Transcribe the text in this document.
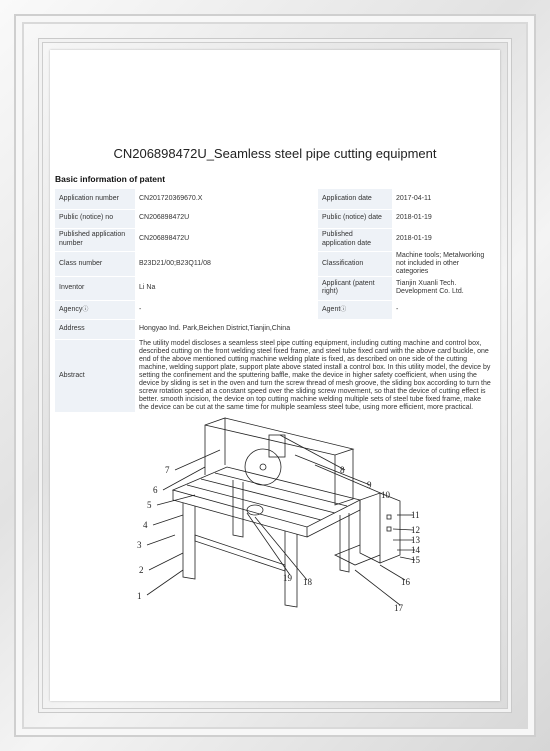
CN206898472U_Seamless steel pipe cutting equipment
Basic information of patent
Application number	CN201720369670.X	Application date	2017-04-11
Public (notice) no	CN206898472U	Public (notice) date	2018-01-19
Published application number	CN206898472U	Published application date	2018-01-19
Class number	B23D21/00;B23Q11/08	Classification	Machine tools; Metalworking not included in other categories
Inventor	Li Na	Applicant (patent right)	Tianjin Xuanli Tech. Development Co. Ltd.
Agencyⓘ	-	Agentⓘ	-
Address	Hongyao Ind. Park,Beichen District,Tianjin,China		
Abstract	The utility model discloses a seamless steel pipe cutting equipment, including cutting machine and control box, described cutting on the front welding steel fixed frame, and steel tube fixed card with the above card buckle, one end of the above mentioned cutting machine welding plate is fixed, as described on one side of the cutting machine, welding support plate, support plate above stated install a control box. In this utility model, the device by setting the confinement and the sputtering baffle, make the device in higher safety coefficient, when using the device by sliding is set in the oven and turn the screw thread of mesh groove, the sliding box according to turn the screw rotation speed at a constant speed over the sliding screw movement, so that the device of cutting effect is better. smooth incision, the device on top cutting machine welding multiple sets of steel tube fixed frame, make the device can be cut at the same time for multiple seamless steel tube, using more efficient, more practical.		
1
2
3
4
5
6
7	8
9
10
11
12
13
14
15
16
17
18
19
